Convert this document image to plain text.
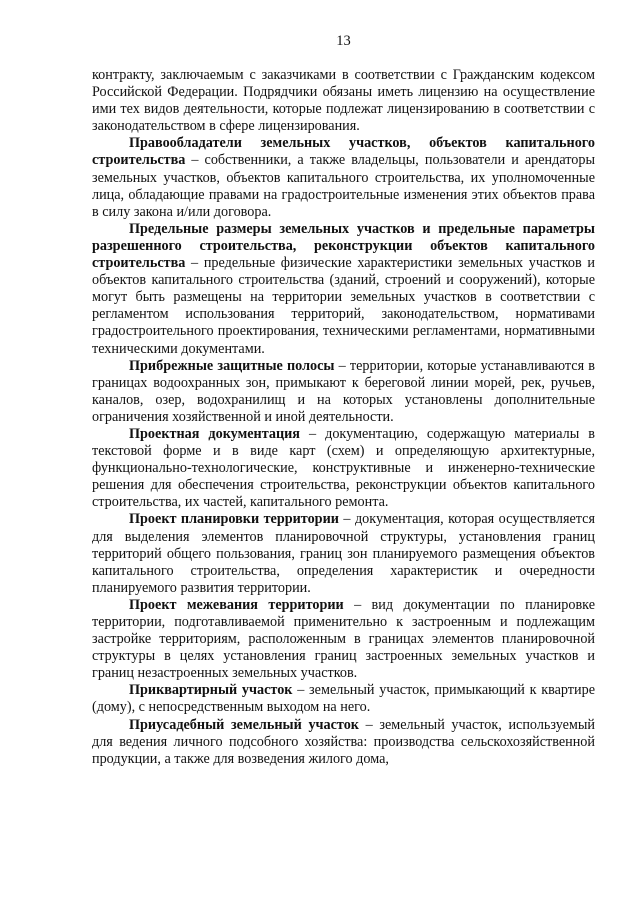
13

контракту, заключаемым с заказчиками в соответствии с Гражданским кодексом Российской Федерации. Подрядчики обязаны иметь лицензию на осуществление ими тех видов деятельности, которые подлежат лицензированию в соответствии с законодательством в сфере лицензирования.

Правообладатели земельных участков, объектов капитального строительства – собственники, а также владельцы, пользователи и арендаторы земельных участков, объектов капитального строительства, их уполномоченные лица, обладающие правами на градостроительные изменения этих объектов права в силу закона и/или договора.

Предельные размеры земельных участков и предельные параметры разрешенного строительства, реконструкции объектов капитального строительства – предельные физические характеристики земельных участков и объектов капитального строительства (зданий, строений и сооружений), которые могут быть размещены на территории земельных участков в соответствии с регламентом использования территорий, законодательством, нормативами градостроительного проектирования, техническими регламентами, нормативными техническими документами.

Прибрежные защитные полосы – территории, которые устанавливаются в границах водоохранных зон, примыкают к береговой линии морей, рек, ручьев, каналов, озер, водохранилищ и на которых установлены дополнительные ограничения хозяйственной и иной деятельности.

Проектная документация – документацию, содержащую материалы в текстовой форме и в виде карт (схем) и определяющую архитектурные, функционально-технологические, конструктивные и инженерно-технические решения для обеспечения строительства, реконструкции объектов капитального строительства, их частей, капитального ремонта.

Проект планировки территории – документация, которая осуществляется для выделения элементов планировочной структуры, установления границ территорий общего пользования, границ зон планируемого размещения объектов капитального строительства, определения характеристик и очередности планируемого развития территории.

Проект межевания территории – вид документации по планировке территории, подготавливаемой применительно к застроенным и подлежащим застройке территориям, расположенным в границах элементов планировочной структуры в целях установления границ застроенных земельных участков и границ незастроенных земельных участков.

Приквартирный участок – земельный участок, примыкающий к квартире (дому), с непосредственным выходом на него.

Приусадебный земельный участок – земельный участок, используемый для ведения личного подсобного хозяйства: производства сельскохозяйственной продукции, а также для возведения жилого дома,
